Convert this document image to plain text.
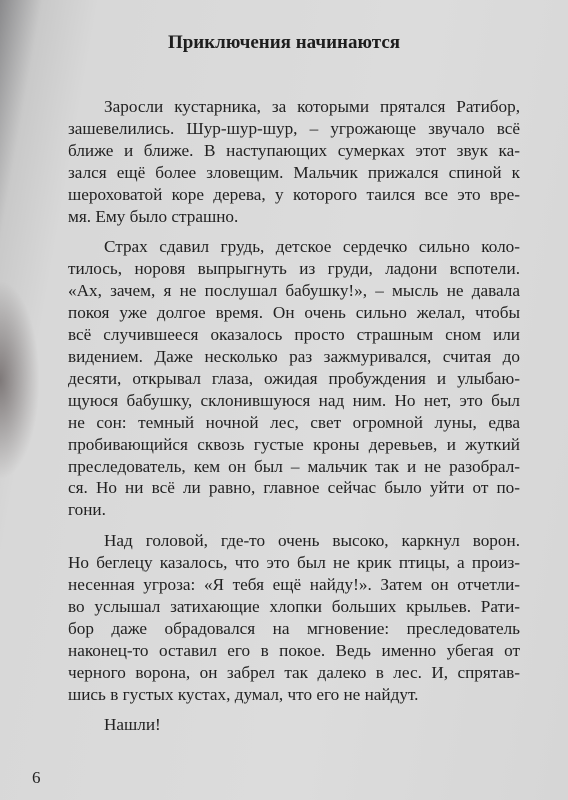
Приключения начинаются
Заросли кустарника, за которыми прятался Ратибор,
зашевелились. Шур-шур-шур, – угрожающе звучало всё
ближе и ближе. В наступающих сумерках этот звук ка-
зался ещё более зловещим. Мальчик прижался спиной к
шероховатой коре дерева, у которого таился все это вре-
мя. Ему было страшно.
Страх сдавил грудь, детское сердечко сильно коло-
тилось, норовя выпрыгнуть из груди, ладони вспотели.
«Ах, зачем, я не послушал бабушку!», – мысль не давала
покоя уже долгое время. Он очень сильно желал, чтобы
всё случившееся оказалось просто страшным сном или
видением. Даже несколько раз зажмуривался, считая до
десяти, открывал глаза, ожидая пробуждения и улыбаю-
щуюся бабушку, склонившуюся над ним. Но нет, это был
не сон: темный ночной лес, свет огромной луны, едва
пробивающийся сквозь густые кроны деревьев, и жуткий
преследователь, кем он был – мальчик так и не разобрал-
ся. Но ни всё ли равно, главное сейчас было уйти от по-
гони.
Над головой, где-то очень высоко, каркнул ворон.
Но беглецу казалось, что это был не крик птицы, а произ-
несенная угроза: «Я тебя ещё найду!». Затем он отчетли-
во услышал затихающие хлопки больших крыльев. Рати-
бор даже обрадовался на мгновение: преследователь
наконец-то оставил его в покое. Ведь именно убегая от
черного ворона, он забрел так далеко в лес. И, спрятав-
шись в густых кустах, думал, что его не найдут.
Нашли!
6
